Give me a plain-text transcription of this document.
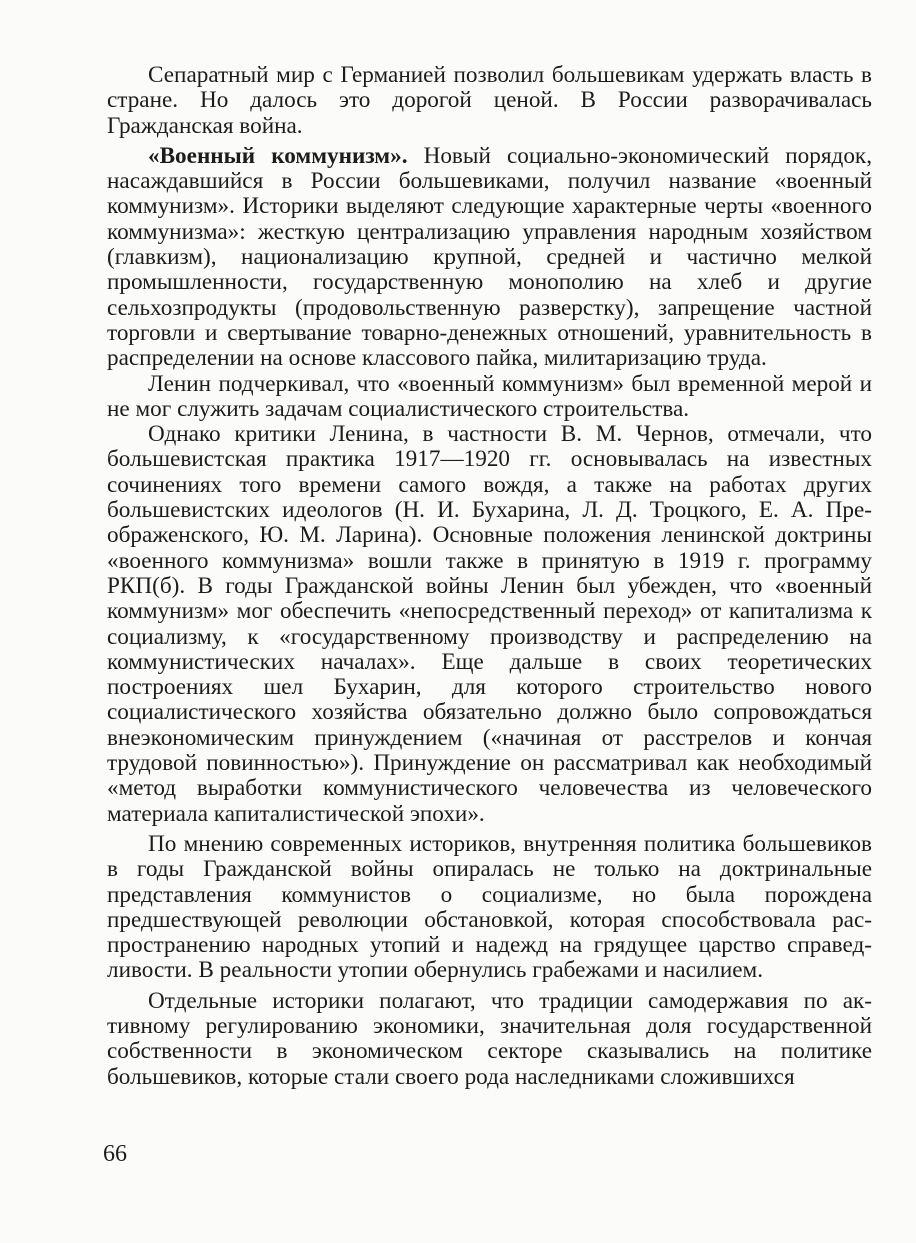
Сепаратный мир с Германией позволил большевикам удержать власть в стране. Но далось это дорогой ценой. В России разворачивалась Гражданская война.

«Военный коммунизм». Новый социально-экономический порядок, насаждавшийся в России большевиками, получил название «военный коммунизм». Историки выделяют следующие характерные черты «военного коммунизма»: жесткую централизацию управления народным хозяйством (главкизм), национализацию крупной, средней и частично мелкой промышленности, государственную монополию на хлеб и другие сельхозпродукты (продовольственную разверстку), запрещение частной торговли и свертывание товарно-денежных отношений, уравнительность в распределении на основе классового пайка, милитаризацию труда.

Ленин подчеркивал, что «военный коммунизм» был временной мерой и не мог служить задачам социалистического строительства.

Однако критики Ленина, в частности В. М. Чернов, отмечали, что большевистская практика 1917—1920 гг. основывалась на известных сочинениях того времени самого вождя, а также на работах других большевистских идеологов (Н. И. Бухарина, Л. Д. Троцкого, Е. А. Преображенского, Ю. М. Ларина). Основные положения ленинской доктрины «военного коммунизма» вошли также в принятую в 1919 г. программу РКП(б). В годы Гражданской войны Ленин был убежден, что «военный коммунизм» мог обеспечить «непосредственный переход» от капитализма к социализму, к «государственному производству и распределению на коммунистических началах». Еще дальше в своих теоретических построениях шел Бухарин, для которого строительство нового социалистического хозяйства обязательно должно было сопровождаться внеэкономическим принуждением («начиная от расстрелов и кончая трудовой повинностью»). Принуждение он рассматривал как необходимый «метод выработки коммунистического человечества из человеческого материала капиталистической эпохи».

По мнению современных историков, внутренняя политика большевиков в годы Гражданской войны опиралась не только на доктринальные представления коммунистов о социализме, но была порождена предшествующей революции обстановкой, которая способствовала распространению народных утопий и надежд на грядущее царство справедливости. В реальности утопии обернулись грабежами и насилием.

Отдельные историки полагают, что традиции самодержавия по активному регулированию экономики, значительная доля государственной собственности в экономическом секторе сказывались на политике большевиков, которые стали своего рода наследниками сложившихся

66
